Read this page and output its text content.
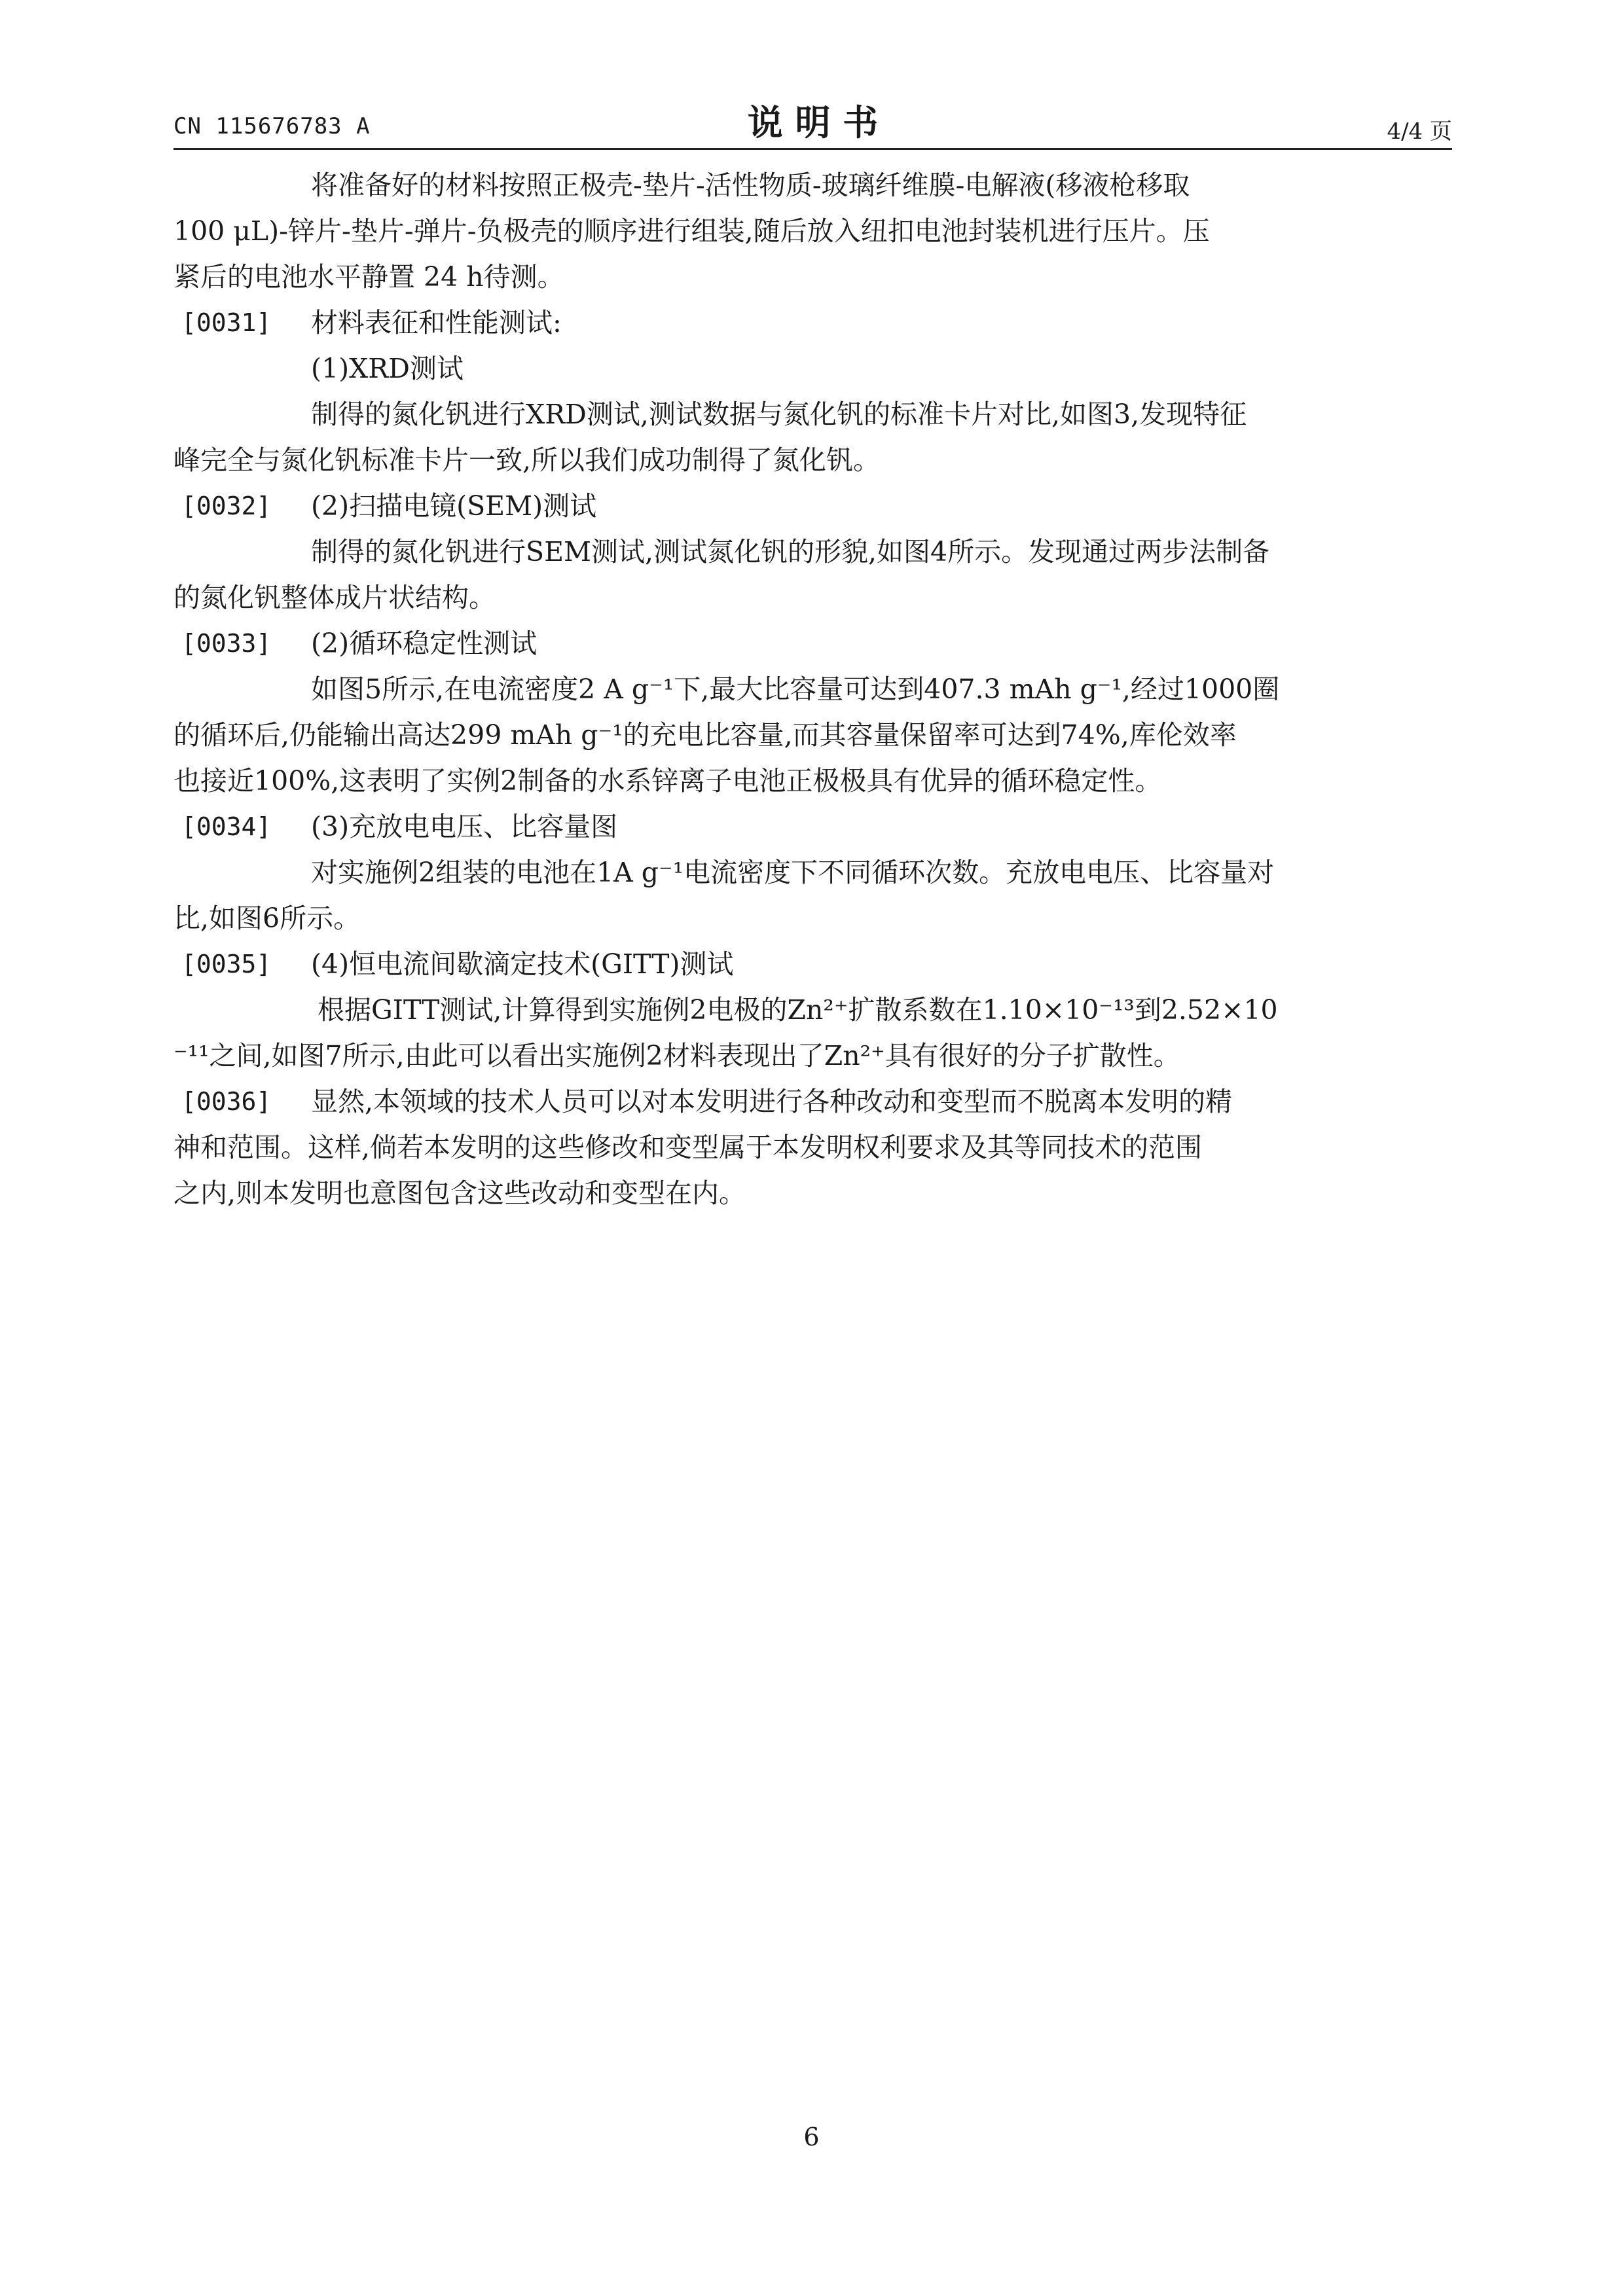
CN 115676783 A	说 明 书	4/4 页
将准备好的材料按照正极壳-垫片-活性物质-玻璃纤维膜-电解液(移液枪移取
100 μL)-锌片-垫片-弹片-负极壳的顺序进行组装,随后放入纽扣电池封装机进行压片。压
紧后的电池水平静置 24 h待测。
[0031] 材料表征和性能测试:
(1)XRD测试
制得的氮化钒进行XRD测试,测试数据与氮化钒的标准卡片对比,如图3,发现特征
峰完全与氮化钒标准卡片一致,所以我们成功制得了氮化钒。
[0032] (2)扫描电镜(SEM)测试
制得的氮化钒进行SEM测试,测试氮化钒的形貌,如图4所示。发现通过两步法制备
的氮化钒整体成片状结构。
[0033] (2)循环稳定性测试
如图5所示,在电流密度2 A g⁻¹下,最大比容量可达到407.3 mAh g⁻¹,经过1000圈
的循环后,仍能输出高达299 mAh g⁻¹的充电比容量,而其容量保留率可达到74%,库伦效率
也接近100%,这表明了实例2制备的水系锌离子电池正极极具有优异的循环稳定性。
[0034] (3)充放电电压、比容量图
对实施例2组装的电池在1A g⁻¹电流密度下不同循环次数。充放电电压、比容量对
比,如图6所示。
[0035] (4)恒电流间歇滴定技术(GITT)测试
根据GITT测试,计算得到实施例2电极的Zn²⁺扩散系数在1.10×10⁻¹³到2.52×10
⁻¹¹之间,如图7所示,由此可以看出实施例2材料表现出了Zn²⁺具有很好的分子扩散性。
[0036] 显然,本领域的技术人员可以对本发明进行各种改动和变型而不脱离本发明的精
神和范围。这样,倘若本发明的这些修改和变型属于本发明权利要求及其等同技术的范围
之内,则本发明也意图包含这些改动和变型在内。
6
